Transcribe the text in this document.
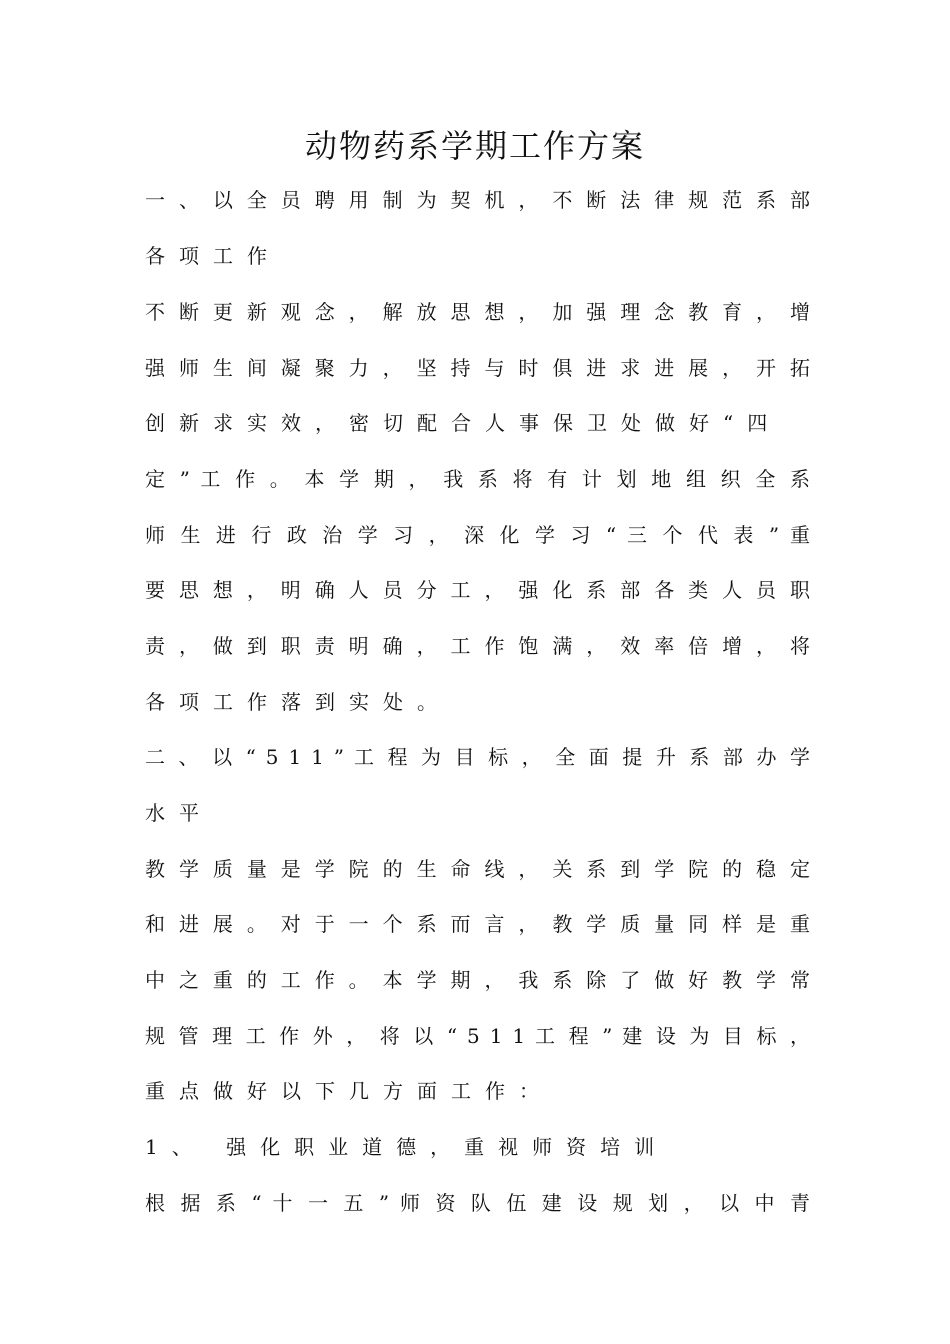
动物药系学期工作方案
一 、 以 全 员 聘 用 制 为 契 机 ， 不 断 法 律 规 范 系 部
各项工作
不 断 更 新 观 念 ， 解 放 思 想 ， 加 强 理 念 教 育 ， 增
强 师 生 间 凝 聚 力 ， 坚 持 与 时 俱 进 求 进 展 ， 开 拓
创新求实效，密切配合人事保卫处做好“四
定 ” 工 作 。 本 学 期 ， 我 系 将 有 计 划 地 组 织 全 系
师 生 进 行 政 治 学 习 ， 深 化 学 习 “ 三 个 代 表 ” 重
要 思 想 ， 明 确 人 员 分 工 ， 强 化 系 部 各 类 人 员 职
责 ， 做 到 职 责 明 确 ， 工 作 饱 满 ， 效 率 倍 增 ， 将
各项工作落到实处。
二 、 以 “ 5 1 1 ” 工 程 为 目 标 ， 全 面 提 升 系 部 办 学
水平
教 学 质 量 是 学 院 的 生 命 线 ， 关 系 到 学 院 的 稳 定
和 进 展 。 对 于 一 个 系 而 言 ， 教 学 质 量 同 样 是 重
中 之 重 的 工 作 。 本 学 期 ， 我 系 除 了 做 好 教 学 常
规 管 理 工 作 外 ， 将 以 “ 5 1 1 工 程 ” 建 设 为 目 标 ，
重点做好以下几方面工作：
1、 强化职业道德，重视师资培训
根 据 系 “ 十 一 五 ” 师 资 队 伍 建 设 规 划 ， 以 中 青
